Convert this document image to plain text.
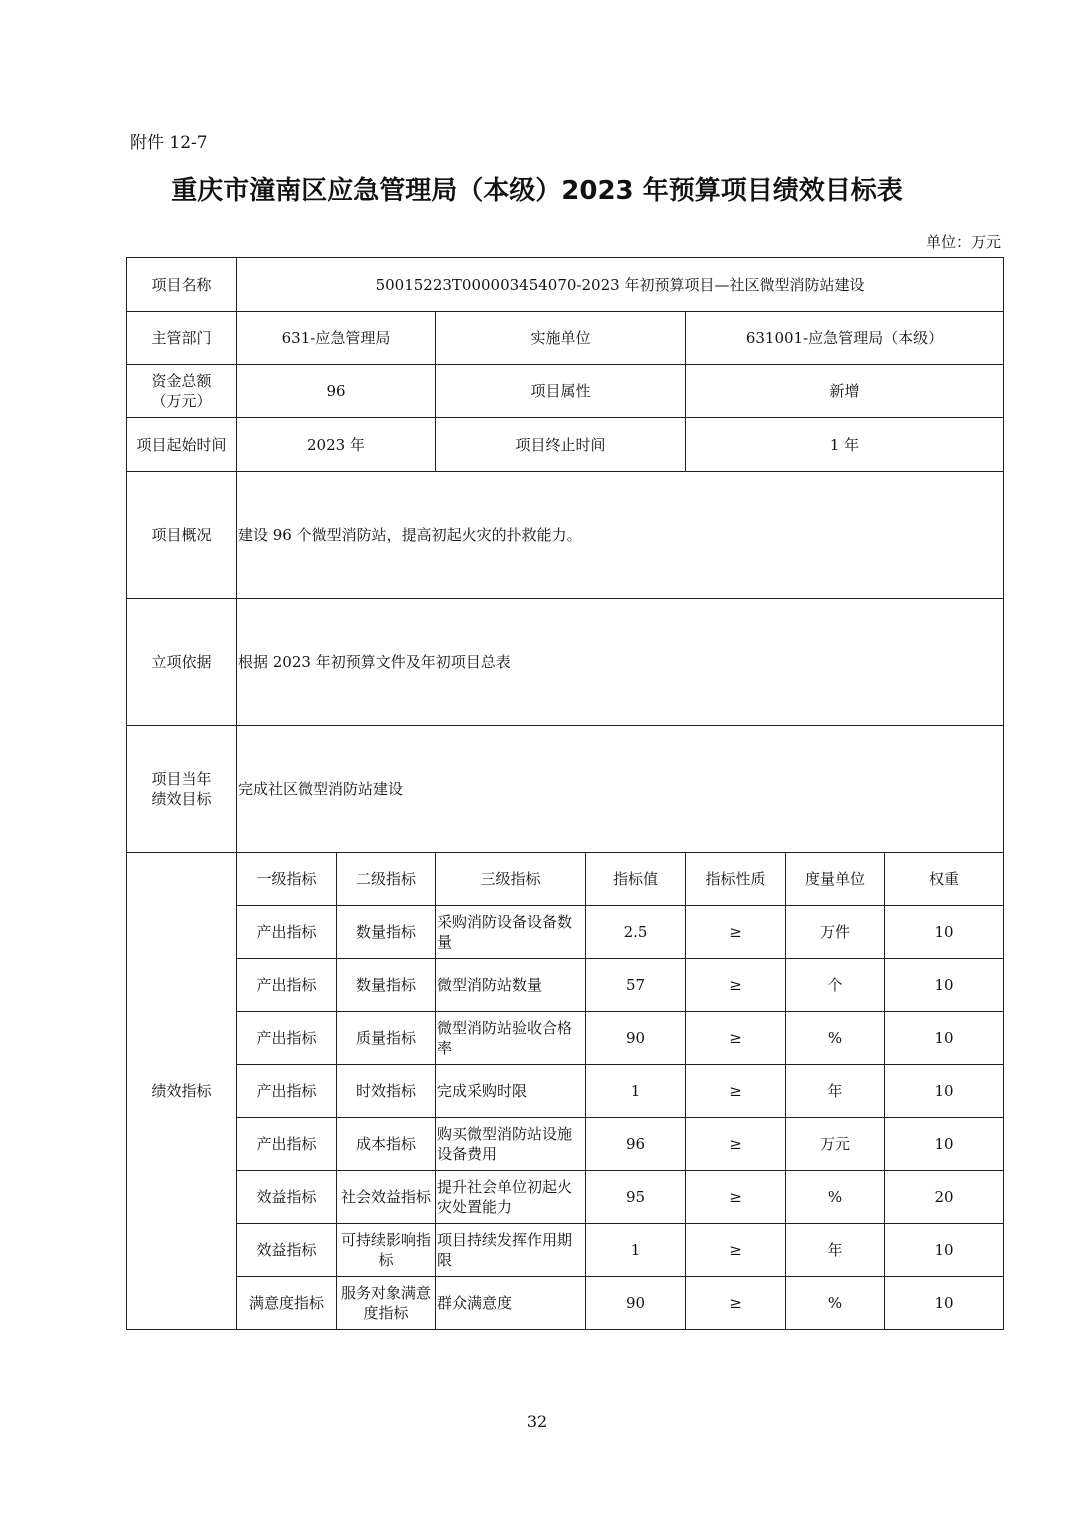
附件 12-7
重庆市潼南区应急管理局（本级）2023 年预算项目绩效目标表
单位：万元
项目名称	50015223T000003454070-2023 年初预算项目—社区微型消防站建设						
主管部门	631-应急管理局		实施单位		631001-应急管理局（本级）		
资金总额（万元）	96		项目属性		新增		
项目起始时间	2023 年		项目终止时间		1 年		
项目概况	建设 96 个微型消防站，提高初起火灾的扑救能力。						
立项依据	根据 2023 年初预算文件及年初项目总表						
项目当年绩效目标	完成社区微型消防站建设						
绩效指标	一级指标	二级指标	三级指标	指标值	指标性质	度量单位	权重
	产出指标	数量指标	采购消防设备设备数量	2.5	≥	万件	10
	产出指标	数量指标	微型消防站数量	57	≥	个	10
	产出指标	质量指标	微型消防站验收合格率	90	≥	%	10
	产出指标	时效指标	完成采购时限	1	≥	年	10
	产出指标	成本指标	购买微型消防站设施设备费用	96	≥	万元	10
	效益指标	社会效益指标	提升社会单位初起火灾处置能力	95	≥	%	20
	效益指标	可持续影响指标	项目持续发挥作用期限	1	≥	年	10
	满意度指标	服务对象满意度指标	群众满意度	90	≥	%	10
32
